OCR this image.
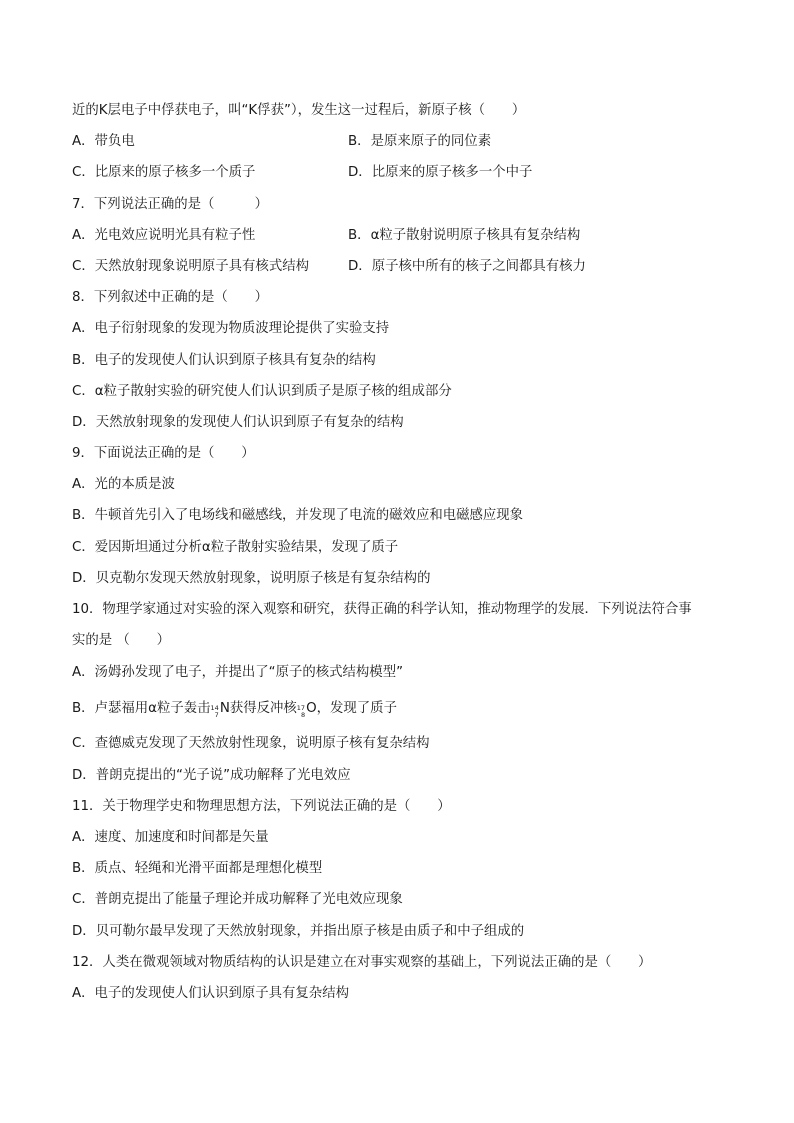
近的K层电子中俘获电子，叫“K俘获”），发生这一过程后，新原子核（　　）
A．带负电	B．是原来原子的同位素
C．比原来的原子核多一个质子	D．比原来的原子核多一个中子
7．下列说法正确的是（　　　）
A．光电效应说明光具有粒子性	B．α粒子散射说明原子核具有复杂结构
C．天然放射现象说明原子具有核式结构	D．原子核中所有的核子之间都具有核力
8．下列叙述中正确的是（　　）
A．电子衍射现象的发现为物质波理论提供了实验支持
B．电子的发现使人们认识到原子核具有复杂的结构
C．α粒子散射实验的研究使人们认识到质子是原子核的组成部分
D．天然放射现象的发现使人们认识到原子有复杂的结构
9．下面说法正确的是（　　）
A．光的本质是波
B．牛顿首先引入了电场线和磁感线，并发现了电流的磁效应和电磁感应现象
C．爱因斯坦通过分析α粒子散射实验结果，发现了质子
D．贝克勒尔发现天然放射现象，说明原子核是有复杂结构的
10．物理学家通过对实验的深入观察和研究，获得正确的科学认知，推动物理学的发展．下列说法符合事
实的是 （　　）
A．汤姆孙发现了电子，并提出了“原子的核式结构模型”
B．卢瑟福用α粒子轰击 14
7 N获得反冲核 17
8 O，发现了质子
C．查德威克发现了天然放射性现象，说明原子核有复杂结构
D．普朗克提出的“光子说”成功解释了光电效应
11．关于物理学史和物理思想方法，下列说法正确的是（　　）
A．速度、加速度和时间都是矢量
B．质点、轻绳和光滑平面都是理想化模型
C．普朗克提出了能量子理论并成功解释了光电效应现象
D．贝可勒尔最早发现了天然放射现象，并指出原子核是由质子和中子组成的
12．人类在微观领域对物质结构的认识是建立在对事实观察的基础上，下列说法正确的是（　　）
A．电子的发现使人们认识到原子具有复杂结构
